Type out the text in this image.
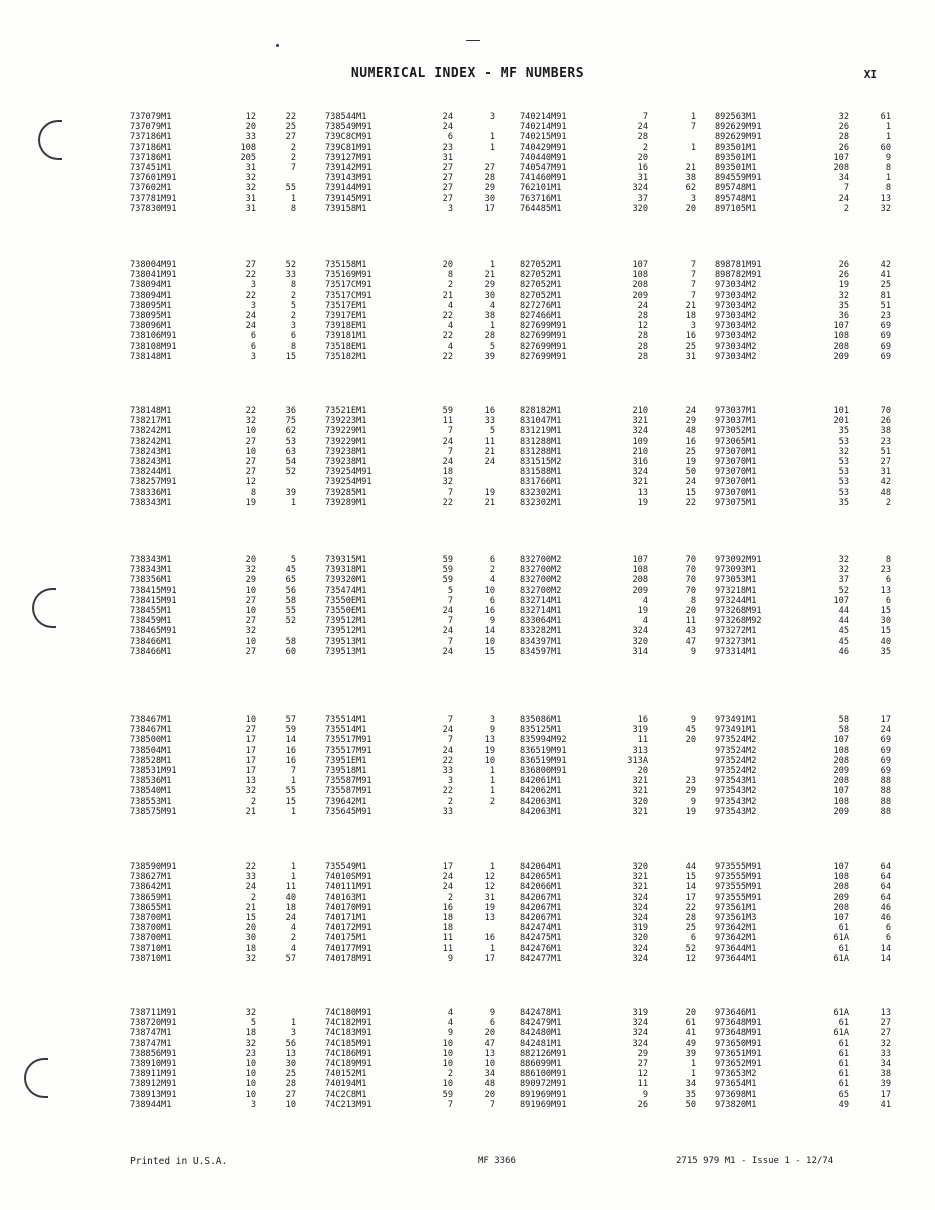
NUMERICAL INDEX - MF NUMBERS	XI
737079M1	12	22
737079M1	20	25
737186M1	33	27
737186M1	108	2
737186M1	205	2
737451M1	31	7
737601M91	32
737602M1	32	55
737781M91	31	1
737830M91	31	8
738544M1	24	3
738549M91	24
739C8CM91	6	1
739C81M91	23	1
739127M91	31
739142M91	27	27
739143M91	27	28
739144M91	27	29
739145M91	27	30
739158M1	3	17
740214M91	7	1
740214M91	24	7
740215M91	28
740429M91	2	1
740440M91	20
740547M91	16	21
741460M91	31	38
762101M1	324	62
763716M1	37	3
764485M1	320	20
892563M1	32	61
892629M91	26	1
892629M91	28	1
893501M1	26	60
893501M1	107	9
893501M1	208	8
894559M91	34	1
895748M1	7	8
895748M1	24	13
897105M1	2	32
738004M91	27	52
738041M91	22	33
738094M1	3	8
738094M1	22	2
738095M1	3	5
738095M1	24	2
738096M1	24	3
738106M91	6	6
738108M91	6	8
738148M1	3	15
735158M1	20	1
735169M91	8	21
73517CM91	2	29
73517CM91	21	30
73517EM1	4	4
73917EM1	22	38
73918EM1	4	1
739181M1	22	28
73518EM1	4	5
735182M1	22	39
827052M1	107	7
827052M1	108	7
827052M1	208	7
827052M1	209	7
827276M1	24	21
827466M1	28	18
827699M91	12	3
827699M91	28	16
827699M91	28	25
827699M91	28	31
898781M91	26	42
898782M91	26	41
973034M2	19	25
973034M2	32	81
973034M2	35	51
973034M2	36	23
973034M2	107	69
973034M2	108	69
973034M2	208	69
973034M2	209	69
738148M1	22	36
738217M1	32	75
738242M1	10	62
738242M1	27	53
738243M1	10	63
738243M1	27	54
738244M1	27	52
738257M91	12
738336M1	8	39
738343M1	19	1
73521EM1	59	16
739223M1	11	33
739229M1	7	5
739229M1	24	11
739238M1	7	21
739238M1	24	24
739254M91	18
739254M91	32
739285M1	7	19
739289M1	22	21
828182M1	210	24
831047M1	321	29
831219M1	324	48
831288M1	109	16
831288M1	210	25
831515M2	316	19
831588M1	324	50
831766M1	321	24
832302M1	13	15
832302M1	19	22
973037M1	101	70
973037M1	201	26
973052M1	35	38
973065M1	53	23
973070M1	32	51
973070M1	53	27
973070M1	53	31
973070M1	53	42
973070M1	53	48
973075M1	35	2
738343M1	20	5
738343M1	32	45
738356M1	29	65
738415M91	10	56
738415M91	27	58
738455M1	10	55
738459M1	27	52
738465M91	32
738466M1	10	58
738466M1	27	60
739315M1	59	6
739318M1	59	2
739320M1	59	4
735474M1	5	10
73550EM1	7	6
73550EM1	24	16
739512M1	7	9
739512M1	24	14
739513M1	7	10
739513M1	24	15
832700M2	107	70
832700M2	108	70
832700M2	208	70
832700M2	209	70
832714M1	4	8
832714M1	19	20
833064M1	4	11
833282M1	324	43
834397M1	320	47
834597M1	314	9
973092M91	32	8
973093M1	32	23
973053M1	37	6
973218M1	52	13
973244M1	107	6
973268M91	44	15
973268M92	44	30
973272M1	45	15
973273M1	45	40
973314M1	46	35
738467M1	10	57
738467M1	27	59
738500M1	17	14
738504M1	17	16
738528M1	17	16
738531M91	17	7
738536M1	13	1
738540M1	32	55
738553M1	2	15
738575M91	21	1
735514M1	7	3
735514M1	24	9
735517M91	7	13
735517M91	24	19
73951EM1	22	10
739518M1	33	1
735587M91	3	1
735587M91	22	1
739642M1	2	2
735645M91	33
835086M1	16	9
835125M1	319	45
835994M92	11	20
836519M91	313
836519M91	313A
836800M91	20
842061M1	321	23
842062M1	321	29
842063M1	320	9
842063M1	321	19
973491M1	58	17
973491M1	58	24
973524M2	107	69
973524M2	108	69
973524M2	208	69
973524M2	209	69
973543M1	208	88
973543M2	107	88
973543M2	108	88
973543M2	209	88
738590M91	22	1
738627M1	33	1
738642M1	24	11
738659M1	2	40
738655M1	21	18
738700M1	15	24
738700M1	20	4
738700M1	30	2
738710M1	18	4
738710M1	32	57
735549M1	17	1
74010SM91	24	12
740111M91	24	12
740163M1	2	31
740170M91	16	19
740171M1	18	13
740172M91	18
740175M1	11	16
740177M91	11	1
740178M91	9	17
842064M1	320	44
842065M1	321	15
842066M1	321	14
842067M1	324	17
842067M1	324	22
842067M1	324	28
842474M1	319	25
842475M1	320	6
842476M1	324	52
842477M1	324	12
973555M91	107	64
973555M91	108	64
973555M91	208	64
973555M91	209	64
973561M1	208	46
973561M3	107	46
973642M1	61	6
973642M1	61A	6
973644M1	61	14
973644M1	61A	14
738711M91	32
738720M91	5	1
738747M1	18	3
738747M1	32	56
738856M91	23	13
738910M91	10	30
738911M91	10	25
738912M91	10	28
738913M91	10	27
738944M1	3	10
74C180M91	4	9
74C182M91	4	6
74C183M91	9	20
74C185M91	10	47
74C186M91	10	13
74C189M91	10	10
740152M1	2	34
740194M1	10	48
74C2C8M1	59	20
74C213M91	7	7
842478M1	319	20
842479M1	324	61
842480M1	324	41
842481M1	324	49
882126M91	29	39
886099M1	27	1
886100M91	12	1
890972M91	11	34
891969M91	9	35
891969M91	26	50
973646M1	61A	13
973648M91	61	27
973648M91	61A	27
973650M91	61	32
973651M91	61	33
973652M91	61	34
973653M2	61	38
973654M1	61	39
973698M1	65	17
973820M1	49	41
Printed in U.S.A.	MF 3366	2715 979 M1 - Issue 1 - 12/74
